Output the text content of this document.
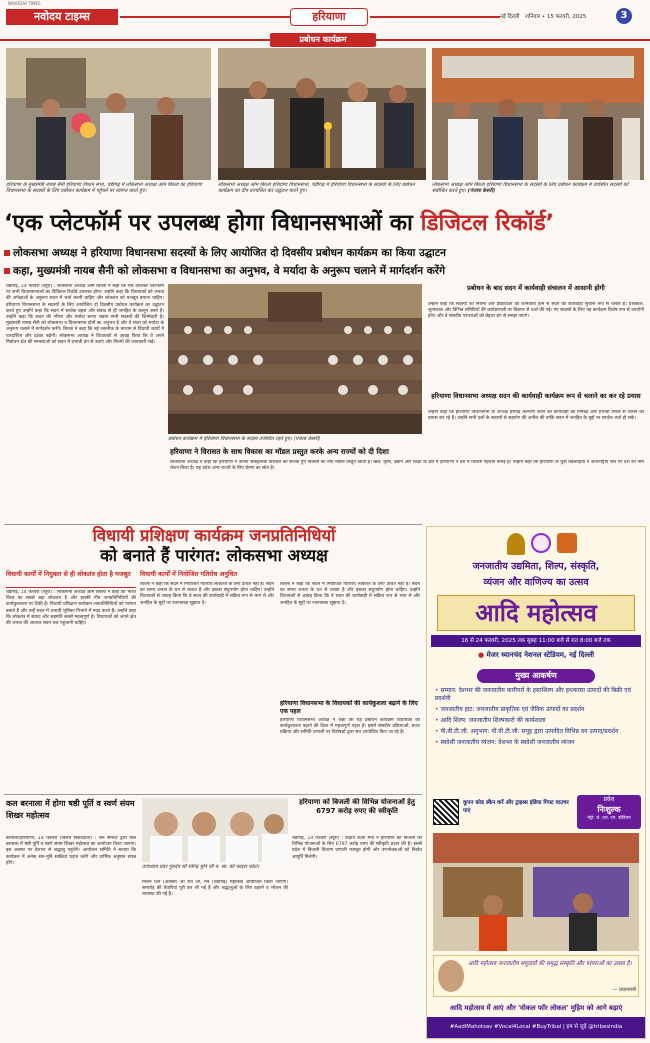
NAVODAY TIMES
नवोदय टाइम्स	हरियाणा	नई दिल्ली शनिवार • 15 फरवरी, 2025	3
प्रबोधन कार्यक्रम
हरियाणा के मुख्यमंत्री नायब सैनी हरियाणा विधान सभा, चंडीगढ़ में लोकसभा अध्यक्ष ओम बिरला का हरियाणा विधानसभा के सदस्यों के लिए प्रबोधन कार्यक्रम में पहुंचने पर स्वागत करते हुए।
लोकसभा अध्यक्ष ओम बिरला हरियाणा विधानसभा, चंडीगढ़ में हरियाणा विधानसभा के सदस्यों के लिए प्रबोधन कार्यक्रम का दीप प्रज्वलित कर उद्घाटन करते हुए।
लोकसभा अध्यक्ष ओम बिरला हरियाणा विधानसभा के सदस्यों के लिए प्रबोधन कार्यक्रम में उपस्थित सदस्यों को संबोधित करते हुए। (पंजाब केसरी)
‘एक प्लेटफॉर्म पर उपलब्ध होगा विधानसभाओं का डिजिटल रिकॉर्ड’
लोकसभा अध्यक्ष ने हरियाणा विधानसभा सदस्यों के लिए आयोजित दो दिवसीय प्रबोधन कार्यक्रम का किया उद्घाटन
कहा, मुख्यमंत्री नायब सैनी को लोकसभा व विधानसभा का अनुभव, वे मर्यादा के अनुरूप चलाने में मार्गदर्शन करेंगे
चंडीगढ़, 14 फरवरी (ब्यूरो) : लोकसभा अध्यक्ष ओम बिरला ने कहा कि एक उपलब्ध प्लेटफॉर्म पर सभी विधानसभाओं का डिजिटल रिकॉर्ड उपलब्ध होगा। उन्होंने कहा कि विधायकों को जनता की अपेक्षाओं के अनुरूप सदन में चर्चा करनी चाहिए और लोकतंत्र को मजबूत बनाना चाहिए। हरियाणा विधानसभा के सदस्यों के लिए आयोजित दो दिवसीय प्रबोधन कार्यक्रम का उद्घाटन करते हुए उन्होंने कहा कि सदन में सार्थक बहस और संवाद से ही जनहित के कानून बनते हैं। उन्होंने कहा कि सदन की गरिमा और मर्यादा बनाए रखना सभी सदस्यों की जिम्मेदारी है। मुख्यमंत्री नायब सैनी को लोकसभा व विधानसभा दोनों का अनुभव है और वे सदन को मर्यादा के अनुरूप चलाने में मार्गदर्शन करेंगे। बिरला ने कहा कि नई तकनीक के माध्यम से विधायी कार्यों में पारदर्शिता और दक्षता बढ़ेगी। लोकसभा अध्यक्ष ने विधायकों से आग्रह किया कि वे अपने निर्वाचन क्षेत्र की समस्याओं को सदन में प्रभावी ढंग से उठाएं और नियमों की जानकारी रखें।
प्रबोधन कार्यक्रम में हरियाणा विधानसभा के सदस्य उपस्थित रहते हुए। (पंजाब केसरी)
प्रबोधन के बाद सदन में कार्यवाही संचालन में आसानी होगी
उन्होंने कहा कि सदस्यों को नियमों और प्रक्रियाओं की जानकारी होने से सदन की कार्यवाही सुचारू रूप से चलती है। प्रश्नकाल, शून्यकाल और विभिन्न समितियों की कार्यप्रणाली पर विस्तार से चर्चा की गई। नए सदस्यों के लिए यह कार्यक्रम विशेष रूप से उपयोगी होगा और वे संसदीय परंपराओं को बेहतर ढंग से समझ पाएंगे।
हरियाणा विधानसभा अध्यक्ष सदन की कार्यवाही कार्यक्रम रूप से चलाने का कर रहे प्रयास
उन्होंने कहा कि हरियाणा विधानसभा के अध्यक्ष हरविंद्र कल्याण सदन की कार्यवाही को निष्पक्ष और प्रभावी तरीके से चलाने का प्रयास कर रहे हैं। उन्होंने सभी दलों के सदस्यों से सहयोग की अपील की ताकि सदन में जनहित के मुद्दों पर सार्थक चर्चा हो सके।
हरियाणा ने विरासत के साथ विकास का मॉडल प्रस्तुत करके अन्य राज्यों को दी दिशा
लोकसभा अध्यक्ष ने कहा कि हरियाणा ने अपनी सांस्कृतिक विरासत को संजोते हुए विकास का नया मॉडल प्रस्तुत किया है। खेल, कृषि, उद्योग और शिक्षा के क्षेत्र में हरियाणा ने देश में विशिष्ट पहचान बनाई है। उन्होंने कहा कि हरियाणा के युवा खिलाड़ियों ने अंतरराष्ट्रीय स्तर पर देश का नाम रोशन किया है। यह प्रदेश अन्य राज्यों के लिए प्रेरणा का स्रोत है।
विधायी प्रशिक्षण कार्यक्रम जनप्रतिनिधियों
को बनाते हैं पारंगत: लोकसभा अध्यक्ष
विधायी कार्यों में नियुक्ता से ही लोकतंत्र होता है मजबूत
चंडीगढ़, 14 फरवरी (ब्यूरो) : लोकसभा अध्यक्ष ओम बिरला ने कहा कि भारत विश्व का सबसे बड़ा लोकतंत्र है और इसकी नींव जनप्रतिनिधियों की कार्यकुशलता पर टिकी है। विधायी प्रशिक्षण कार्यक्रम जनप्रतिनिधियों को पारंगत बनाते हैं और उन्हें सदन में प्रभावी भूमिका निभाने में मदद करते हैं। उन्होंने कहा कि लोकतंत्र में संवाद और सहमति सबसे महत्वपूर्ण है। विधायकों को अपने क्षेत्र की जनता की आवाज सदन तक पहुंचानी चाहिए।
विधायी कार्यों में नियोजित गतिरोध अनुचित
बिरला ने कहा कि सदन में नियोजित गतिरोध लोकतंत्र के लिए उचित नहीं है। सदन का समय जनता के धन से चलता है और इसका सदुपयोग होना चाहिए। उन्होंने विधायकों से आग्रह किया कि वे सदन की कार्यवाही में सक्रिय रूप से भाग लें और जनहित के मुद्दों पर रचनात्मक सुझाव दें।
हरियाणा विधानसभा के विधायकों की कार्यकुशला बढ़ाने के लिए एक पहल
हरियाणा विधानसभा अध्यक्ष ने कहा कि यह प्रबोधन कार्यक्रम विधायकों की कार्यकुशलता बढ़ाने की दिशा में महत्वपूर्ण पहल है। इसमें संसदीय प्रक्रियाओं, बजट प्रक्रिया और समिति प्रणाली पर विशेषज्ञों द्वारा सत्र आयोजित किए जा रहे हैं।
बिरला ने कहा कि सदन में नियोजित गतिरोध लोकतंत्र के लिए उचित नहीं है। सदन का समय जनता के धन से चलता है और इसका सदुपयोग होना चाहिए। उन्होंने विधायकों से आग्रह किया कि वे सदन की कार्यवाही में सक्रिय रूप से भाग लें और जनहित के मुद्दों पर रचनात्मक सुझाव दें।
कल बरनाला में होगा षष्ठी पूर्ति व स्वर्ण संयम शिखर महोत्सव
बरनाला/हरियाणा, 14 फरवरी (विशेष संवाददाता) : जैन समाज द्वारा कल बरनाला में षष्ठी पूर्ति व स्वर्ण संयम शिखर महोत्सव का आयोजन किया जाएगा। इस अवसर पर देशभर से श्रद्धालु पहुंचेंगे। आयोजन समिति ने बताया कि कार्यक्रम में अनेक संत-मुनि सान्निध्य प्रदान करेंगे और धार्मिक अनुष्ठान संपन्न होंगे।
उपाध्याय प्रवर गुरुदेव श्री रवीन्द्र मुनि जी म. सा. की फाइल फोटो।
मिलन दिन (अवसर) श्री रवि जी, मेन (चंडीगढ़) महोत्सव आयोजित किया जाएगा। समारोह की तैयारियां पूरी कर ली गई हैं और श्रद्धालुओं के लिए ठहरने व भोजन की व्यवस्था की गई है।
हरियाणा को बिजली की विभिन्न योजनाओं हेतु 6797 करोड़ रुपए की स्वीकृति
चंडीगढ़, 14 फरवरी (ब्यूरो) : केंद्रीय ऊर्जा मंत्री ने हरियाणा को बिजली की विभिन्न योजनाओं के लिए 6797 करोड़ रुपए की स्वीकृति प्रदान की है। इससे प्रदेश में बिजली वितरण प्रणाली मजबूत होगी और उपभोक्ताओं को निर्बाध आपूर्ति मिलेगी।
जनजातीय उद्यमिता, शिल्प, संस्कृति,
व्यंजन और वाणिज्य का उत्सव
आदि महोत्सव
16 से 24 फरवरी, 2025 तक सुबह 11:00 बजे से रात 8:00 बजे तक
● मेजर ध्यानचंद नेशनल स्टेडियम, नई दिल्ली
मुख्य आकर्षण
• सम्मान: देशभर की जनजातीय कारीगरों के हस्तशिल्प और हथकरघा उत्पादों की बिक्री एवं प्रदर्शनी
• जनजातीय हाट: जनजातीय प्राकृतिक एवं जैविक उत्पादों का प्रदर्शन
• आदि शिल्प: जनजातीय शिल्पकारों की कार्यशाला
• पी.वी.टी.जी. अनुभाग: पी.वी.टी.जी. समूह द्वारा उत्पादित विभिन्न वन उत्पाद/प्रदर्शन
• स्वदेशी जनजातीय व्यंजन: देशभर के स्वदेशी जनजातीय व्यंजन
प्रवेश
निःशुल्क
मेट्रो: जे. एल. एन. स्टेडियम
कूपन कोड स्कैन करें और ट्राइब्स इंडिया गिफ्ट वाउचर पाएं
आदि महोत्सव जनजातीय समुदायों की समृद्ध संस्कृति और परंपराओं का उत्सव है।
— प्रधानमंत्री
आदि महोत्सव में आएं और 'वोकल फॉर लोकल' मुहिम को आगे बढ़ाएं
#AadiMahotsav #Vocal4Local #BuyTribal | हम से जुड़ें @tribesindia
